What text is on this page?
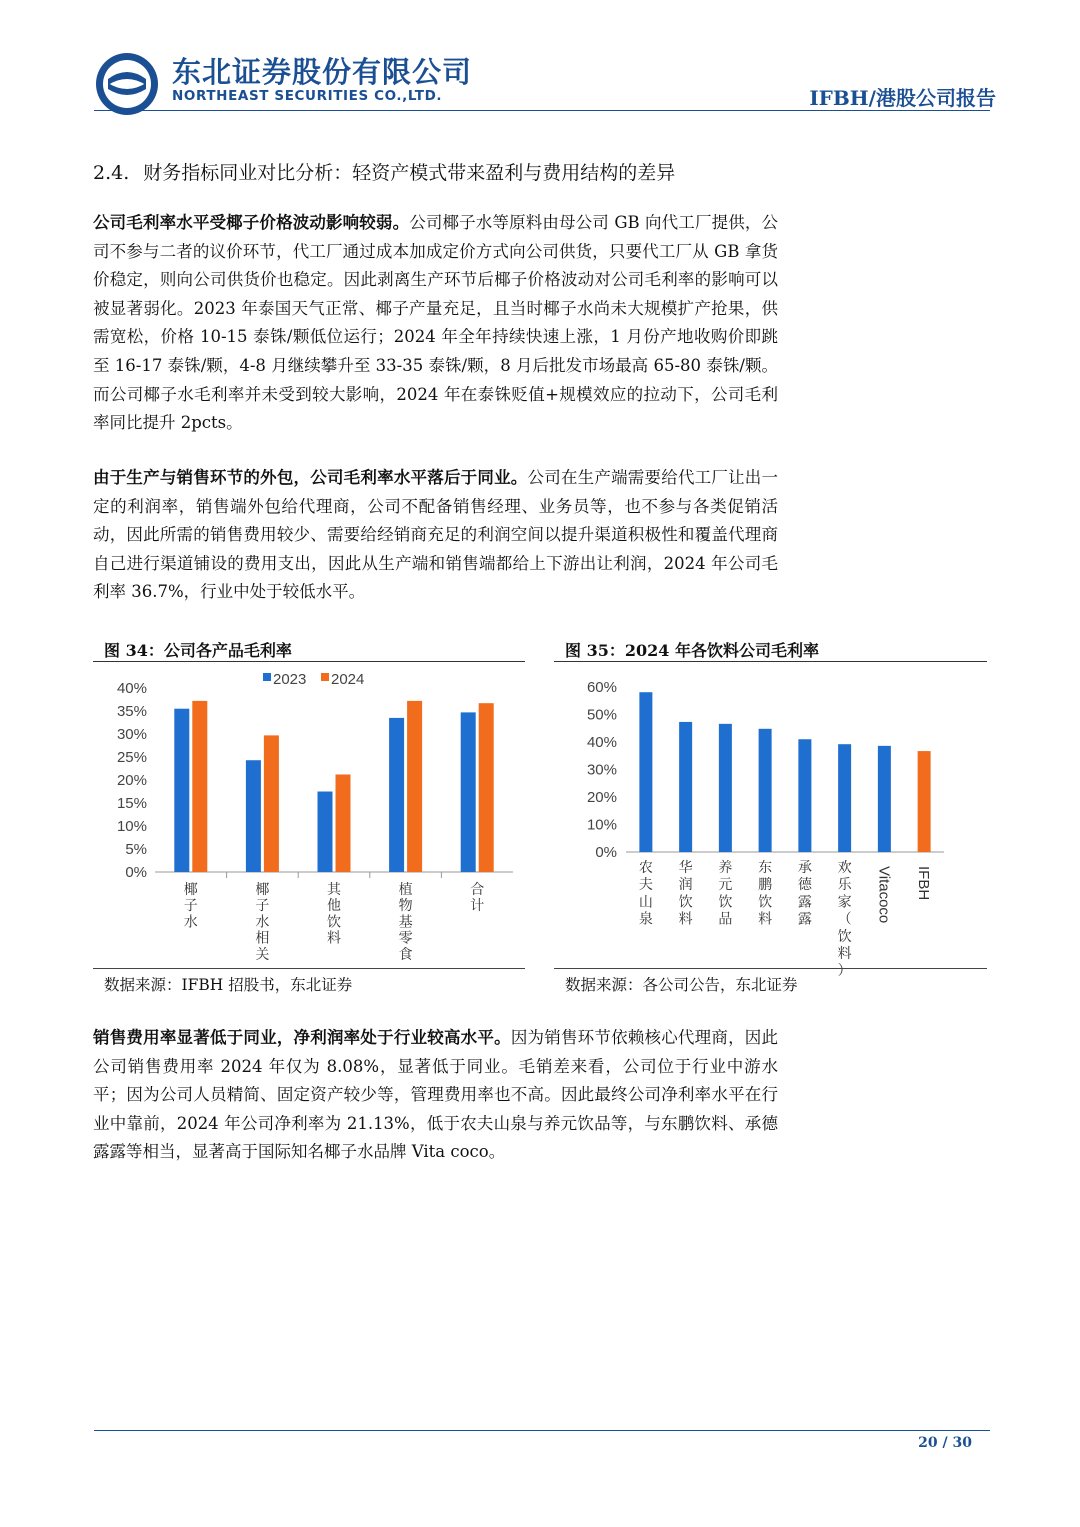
东北证券股份有限公司
NORTHEAST SECURITIES CO.,LTD.	IFBH/港股公司报告
2.4. 财务指标同业对比分析：轻资产模式带来盈利与费用结构的差异
公司毛利率水平受椰子价格波动影响较弱。公司椰子水等原料由母公司 GB 向代工厂提供，公司不参与二者的议价环节，代工厂通过成本加成定价方式向公司供货，只要代工厂从 GB 拿货价稳定，则向公司供货价也稳定。因此剥离生产环节后椰子价格波动对公司毛利率的影响可以被显著弱化。2023 年泰国天气正常、椰子产量充足，且当时椰子水尚未大规模扩产抢果，供需宽松，价格 10-15 泰铢/颗低位运行；2024 年全年持续快速上涨，1 月份产地收购价即跳至 16-17 泰铢/颗，4-8 月继续攀升至 33-35 泰铢/颗，8 月后批发市场最高 65-80 泰铢/颗。而公司椰子水毛利率并未受到较大影响，2024 年在泰铢贬值+规模效应的拉动下，公司毛利率同比提升 2pcts。
由于生产与销售环节的外包，公司毛利率水平落后于同业。公司在生产端需要给代工厂让出一定的利润率，销售端外包给代理商，公司不配备销售经理、业务员等，也不参与各类促销活动，因此所需的销售费用较少、需要给经销商充足的利润空间以提升渠道积极性和覆盖代理商自己进行渠道铺设的费用支出，因此从生产端和销售端都给上下游出让利润，2024 年公司毛利率 36.7%，行业中处于较低水平。
图 34：公司各产品毛利率
0%
5%
10%
15%
20%
25%
30%
35%
40%
椰子水
椰子水相关
其他饮料
植物基零食
合计
2023 2024
数据来源：IFBH 招股书，东北证券
图 35：2024 年各饮料公司毛利率
0%
10%
20%
30%
40%
50%
60%
农夫山泉
华润饮料
养元饮品
东鹏饮料
承德露露
欢乐家（饮料）
Vitacoco IFBH
数据来源：各公司公告，东北证券
销售费用率显著低于同业，净利润率处于行业较高水平。因为销售环节依赖核心代理商，因此公司销售费用率 2024 年仅为 8.08%，显著低于同业。毛销差来看，公司位于行业中游水平；因为公司人员精简、固定资产较少等，管理费用率也不高。因此最终公司净利率水平在行业中靠前，2024 年公司净利率为 21.13%，低于农夫山泉与养元饮品等，与东鹏饮料、承德露露等相当，显著高于国际知名椰子水品牌 Vita coco。
20 / 30
